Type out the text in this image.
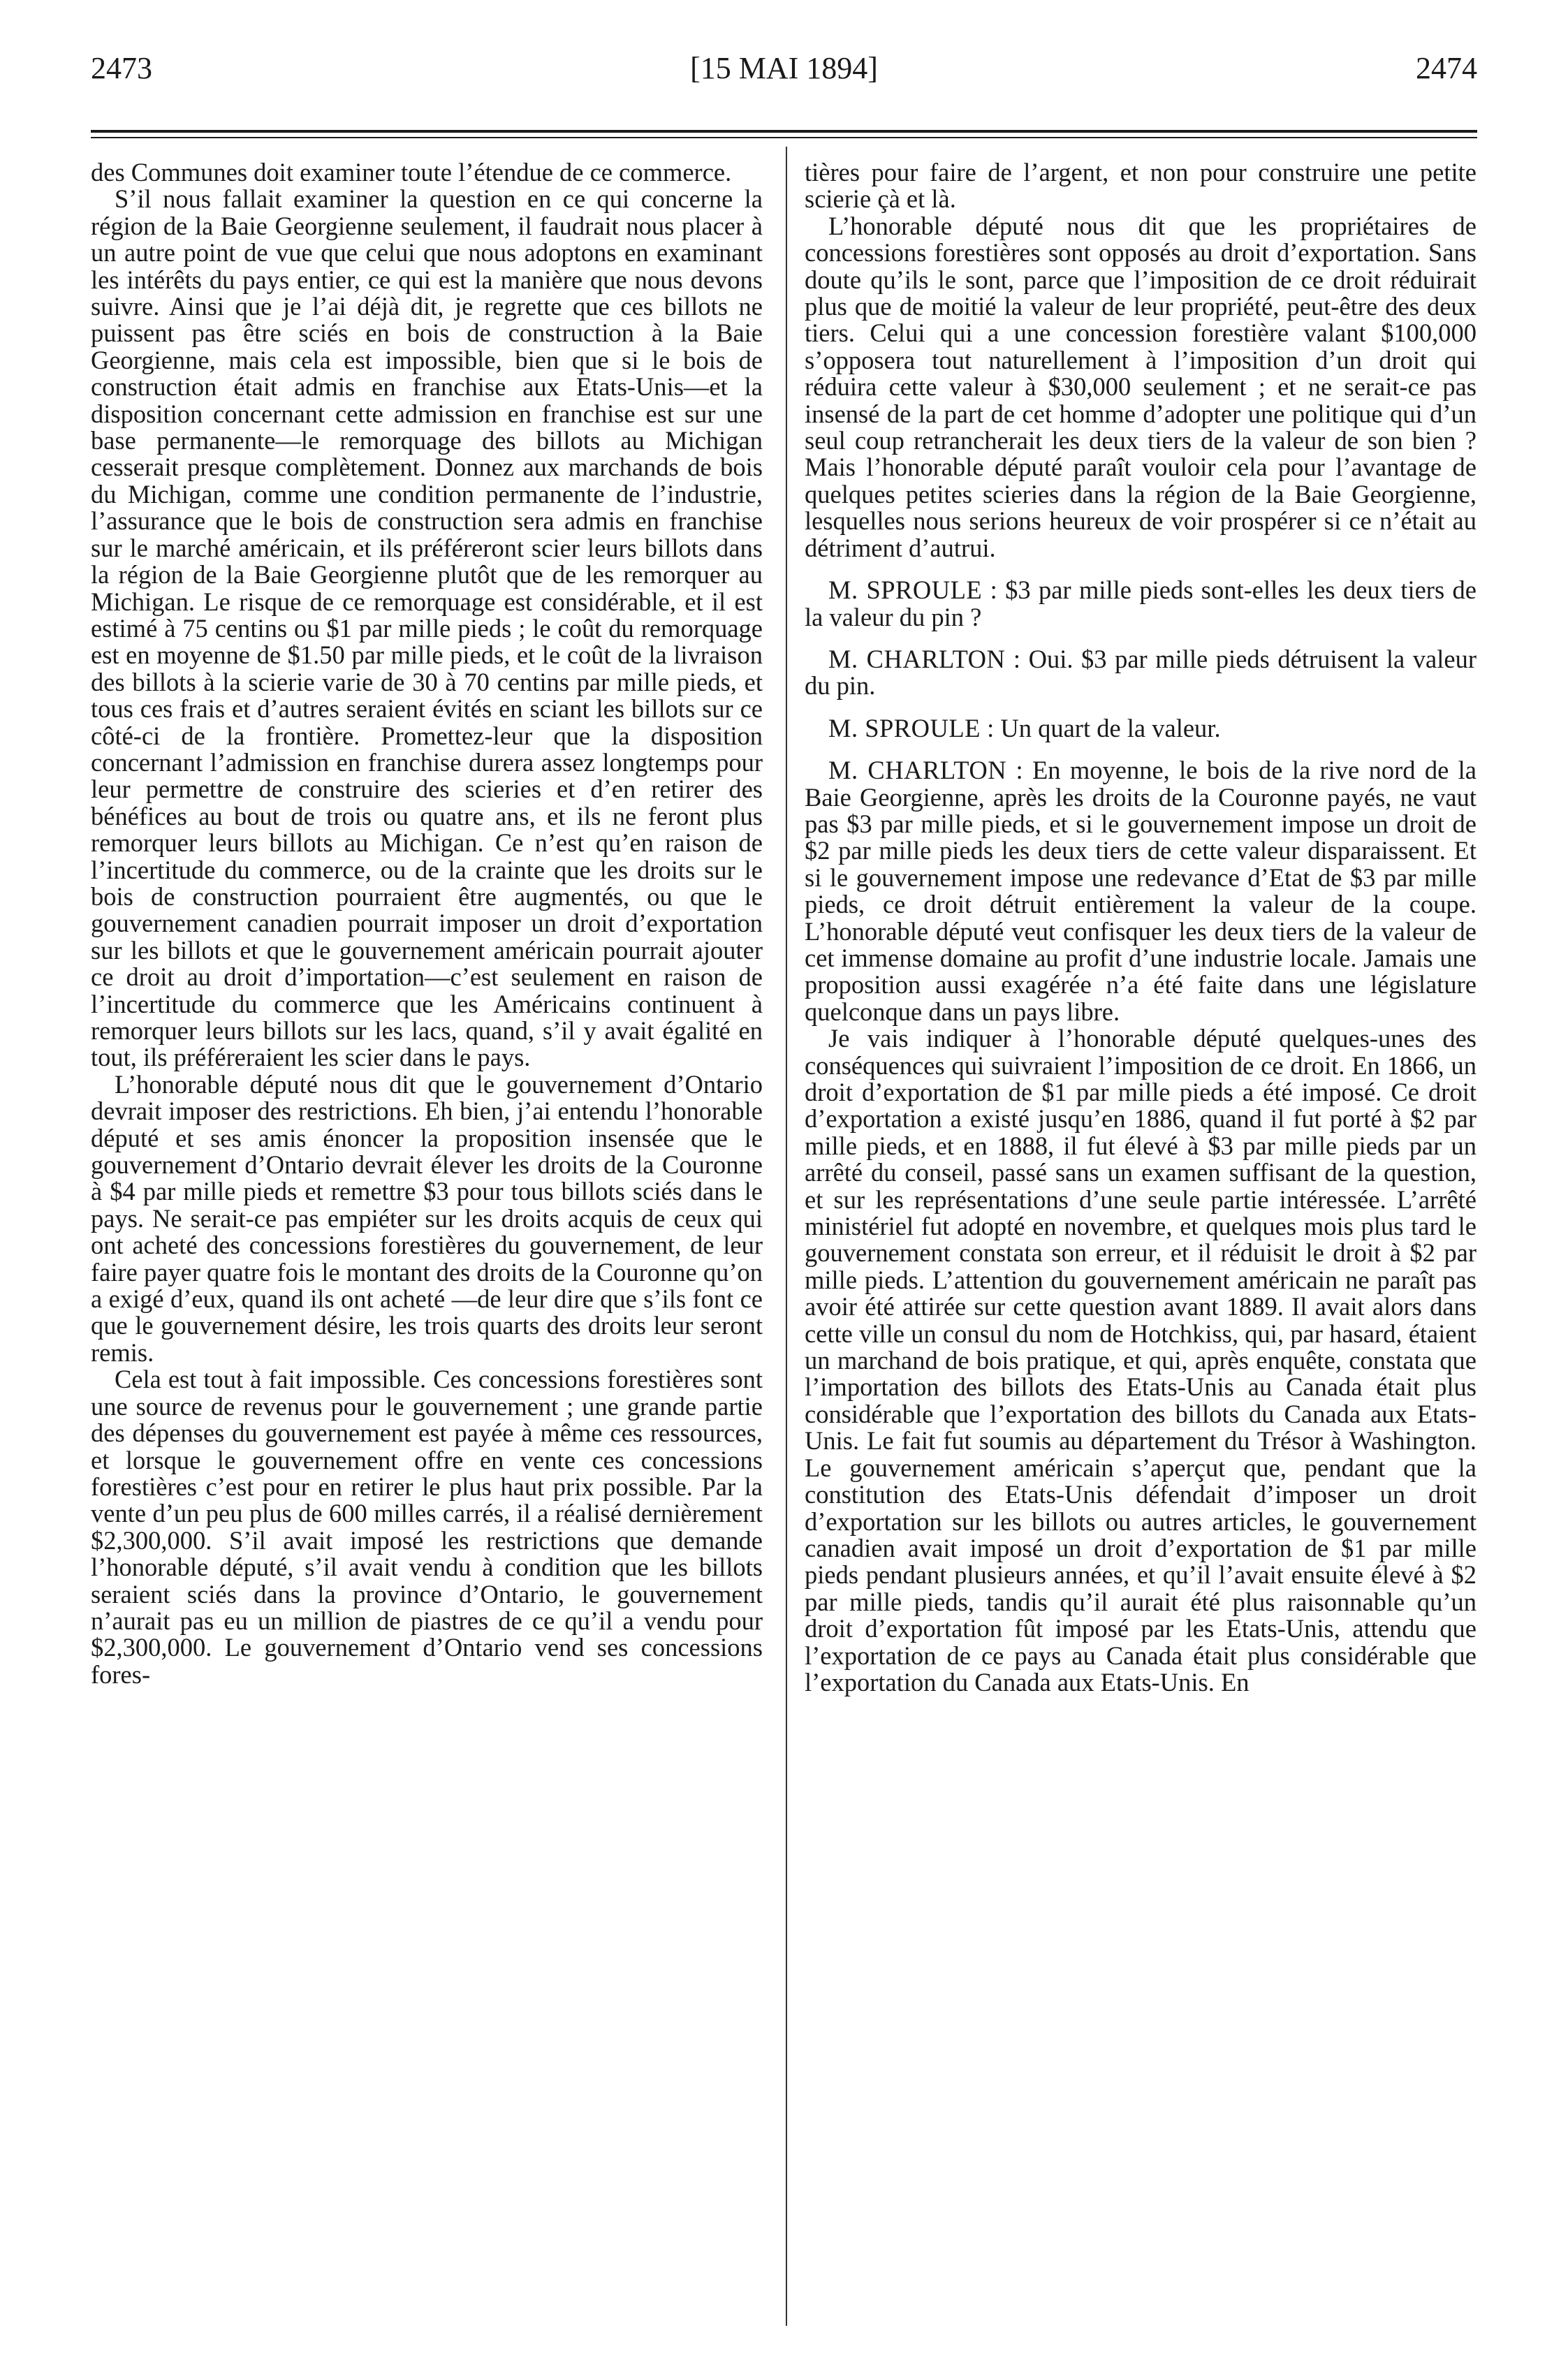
2473	[15 MAI 1894]	2474

des Communes doit examiner toute l’étendue de ce commerce.

S’il nous fallait examiner la question en ce qui concerne la région de la Baie Georgienne seulement, il faudrait nous placer à un autre point de vue que celui que nous adoptons en examinant les intérêts du pays entier, ce qui est la manière que nous devons suivre. Ainsi que je l’ai déjà dit, je regrette que ces billots ne puissent pas être sciés en bois de construction à la Baie Georgienne, mais cela est impossible, bien que si le bois de construction était admis en franchise aux Etats-Unis—et la disposition concernant cette admission en franchise est sur une base permanente—le remorquage des billots au Michigan cesserait presque complètement. Donnez aux marchands de bois du Michigan, comme une condition permanente de l’industrie, l’assurance que le bois de construction sera admis en franchise sur le marché américain, et ils préféreront scier leurs billots dans la région de la Baie Georgienne plutôt que de les remorquer au Michigan. Le risque de ce remorquage est considérable, et il est estimé à 75 centins ou $1 par mille pieds ; le coût du remorquage est en moyenne de $1.50 par mille pieds, et le coût de la livraison des billots à la scierie varie de 30 à 70 centins par mille pieds, et tous ces frais et d’autres seraient évités en sciant les billots sur ce côté-ci de la frontière. Promettez-leur que la disposition concernant l’admission en franchise durera assez longtemps pour leur permettre de construire des scieries et d’en retirer des bénéfices au bout de trois ou quatre ans, et ils ne feront plus remorquer leurs billots au Michigan. Ce n’est qu’en raison de l’incertitude du commerce, ou de la crainte que les droits sur le bois de construction pourraient être augmentés, ou que le gouvernement canadien pourrait imposer un droit d’exportation sur les billots et que le gouvernement américain pourrait ajouter ce droit au droit d’importation—c’est seulement en raison de l’incertitude du commerce que les Américains continuent à remorquer leurs billots sur les lacs, quand, s’il y avait égalité en tout, ils préféreraient les scier dans le pays.

L’honorable député nous dit que le gouvernement d’Ontario devrait imposer des restrictions. Eh bien, j’ai entendu l’honorable député et ses amis énoncer la proposition insensée que le gouvernement d’Ontario devrait élever les droits de la Couronne à $4 par mille pieds et remettre $3 pour tous billots sciés dans le pays. Ne serait-ce pas empiéter sur les droits acquis de ceux qui ont acheté des concessions forestières du gouvernement, de leur faire payer quatre fois le montant des droits de la Couronne qu’on a exigé d’eux, quand ils ont acheté —de leur dire que s’ils font ce que le gouvernement désire, les trois quarts des droits leur seront remis.

Cela est tout à fait impossible. Ces concessions forestières sont une source de revenus pour le gouvernement ; une grande partie des dépenses du gouvernement est payée à même ces ressources, et lorsque le gouvernement offre en vente ces concessions forestières c’est pour en retirer le plus haut prix possible. Par la vente d’un peu plus de 600 milles carrés, il a réalisé dernièrement $2,300,000. S’il avait imposé les restrictions que demande l’honorable député, s’il avait vendu à condition que les billots seraient sciés dans la province d’Ontario, le gouvernement n’aurait pas eu un million de piastres de ce qu’il a vendu pour $2,300,000. Le gouvernement d’Ontario vend ses concessions fores-

tières pour faire de l’argent, et non pour construire une petite scierie çà et là.

L’honorable député nous dit que les propriétaires de concessions forestières sont opposés au droit d’exportation. Sans doute qu’ils le sont, parce que l’imposition de ce droit réduirait plus que de moitié la valeur de leur propriété, peut-être des deux tiers. Celui qui a une concession forestière valant $100,000 s’opposera tout naturellement à l’imposition d’un droit qui réduira cette valeur à $30,000 seulement ; et ne serait-ce pas insensé de la part de cet homme d’adopter une politique qui d’un seul coup retrancherait les deux tiers de la valeur de son bien ? Mais l’honorable député paraît vouloir cela pour l’avantage de quelques petites scieries dans la région de la Baie Georgienne, lesquelles nous serions heureux de voir prospérer si ce n’était au détriment d’autrui.

M. SPROULE : $3 par mille pieds sont-elles les deux tiers de la valeur du pin ?

M. CHARLTON : Oui. $3 par mille pieds détruisent la valeur du pin.

M. SPROULE : Un quart de la valeur.

M. CHARLTON : En moyenne, le bois de la rive nord de la Baie Georgienne, après les droits de la Couronne payés, ne vaut pas $3 par mille pieds, et si le gouvernement impose un droit de $2 par mille pieds les deux tiers de cette valeur disparaissent. Et si le gouvernement impose une redevance d’Etat de $3 par mille pieds, ce droit détruit entièrement la valeur de la coupe. L’honorable député veut confisquer les deux tiers de la valeur de cet immense domaine au profit d’une industrie locale. Jamais une proposition aussi exagérée n’a été faite dans une législature quelconque dans un pays libre.

Je vais indiquer à l’honorable député quelques-unes des conséquences qui suivraient l’imposition de ce droit. En 1866, un droit d’exportation de $1 par mille pieds a été imposé. Ce droit d’exportation a existé jusqu’en 1886, quand il fut porté à $2 par mille pieds, et en 1888, il fut élevé à $3 par mille pieds par un arrêté du conseil, passé sans un examen suffisant de la question, et sur les représentations d’une seule partie intéressée. L’arrêté ministériel fut adopté en novembre, et quelques mois plus tard le gouvernement constata son erreur, et il réduisit le droit à $2 par mille pieds. L’attention du gouvernement américain ne paraît pas avoir été attirée sur cette question avant 1889. Il avait alors dans cette ville un consul du nom de Hotchkiss, qui, par hasard, étaient un marchand de bois pratique, et qui, après enquête, constata que l’importation des billots des Etats-Unis au Canada était plus considérable que l’exportation des billots du Canada aux Etats-Unis. Le fait fut soumis au département du Trésor à Washington. Le gouvernement américain s’aperçut que, pendant que la constitution des Etats-Unis défendait d’imposer un droit d’exportation sur les billots ou autres articles, le gouvernement canadien avait imposé un droit d’exportation de $1 par mille pieds pendant plusieurs années, et qu’il l’avait ensuite élevé à $2 par mille pieds, tandis qu’il aurait été plus raisonnable qu’un droit d’exportation fût imposé par les Etats-Unis, attendu que l’exportation de ce pays au Canada était plus considérable que l’exportation du Canada aux Etats-Unis. En
